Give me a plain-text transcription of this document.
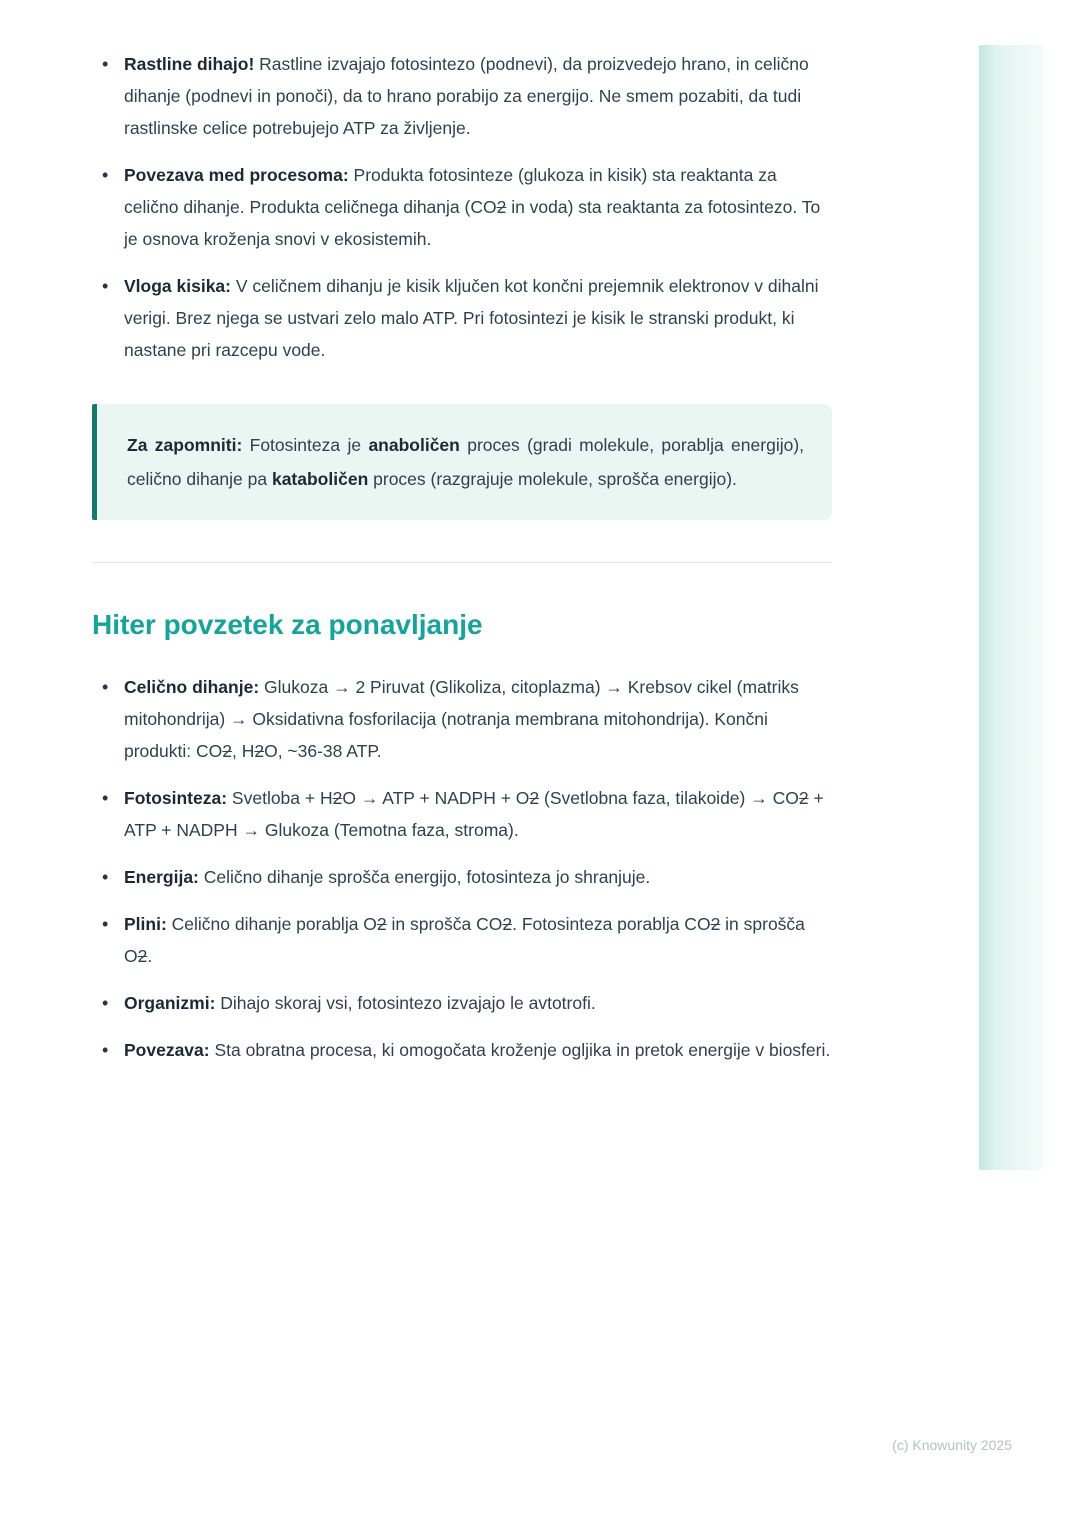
• Rastline dihajo! Rastline izvajajo fotosintezo (podnevi), da proizvedejo hrano, in celično dihanje (podnevi in ponoči), da to hrano porabijo za energijo. Ne smem pozabiti, da tudi rastlinske celice potrebujejo ATP za življenje.
• Povezava med procesoma: Produkta fotosinteze (glukoza in kisik) sta reaktanta za celično dihanje. Produkta celičnega dihanja (CO2 in voda) sta reaktanta za fotosintezo. To je osnova kroženja snovi v ekosistemih.
• Vloga kisika: V celičnem dihanju je kisik ključen kot končni prejemnik elektronov v dihalni verigi. Brez njega se ustvari zelo malo ATP. Pri fotosintezi je kisik le stranski produkt, ki nastane pri razcepu vode.
Za zapomniti: Fotosinteza je anaboličen proces (gradi molekule, porablja energijo), celično dihanje pa kataboličen proces (razgrajuje molekule, sprošča energijo).
Hiter povzetek za ponavljanje
• Celično dihanje: Glukoza → 2 Piruvat (Glikoliza, citoplazma) → Krebsov cikel (matriks mitohondrija) → Oksidativna fosforilacija (notranja membrana mitohondrija). Končni produkti: CO2, H2O, ~36-38 ATP.
• Fotosinteza: Svetloba + H2O → ATP + NADPH + O2 (Svetlobna faza, tilakoide) → CO2 + ATP + NADPH → Glukoza (Temotna faza, stroma).
• Energija: Celično dihanje sprošča energijo, fotosinteza jo shranjuje.
• Plini: Celično dihanje porablja O2 in sprošča CO2. Fotosinteza porablja CO2 in sprošča O2.
• Organizmi: Dihajo skoraj vsi, fotosintezo izvajajo le avtotrofi.
• Povezava: Sta obratna procesa, ki omogočata kroženje ogljika in pretok energije v biosferi.
(c) Knowunity 2025
